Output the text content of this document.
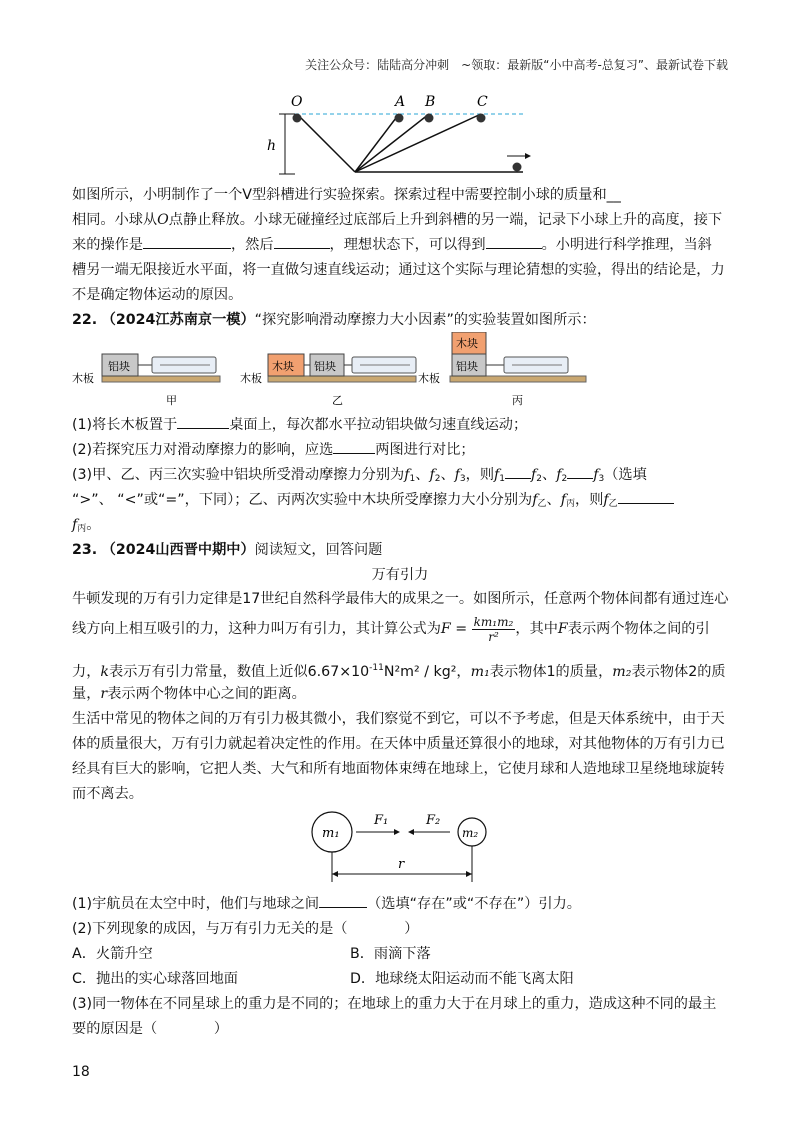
关注公众号：陆陆高分冲刺　~领取：最新版“小中高考-总复习”、最新试卷下载
O	A B	C
h
如图所示，小明制作了一个V型斜槽进行实验探索。探索过程中需要控制小球的质量和__
相同。小球从O点静止释放。小球无碰撞经过底部后上升到斜槽的另一端，记录下小球上升的高度，接下
来的操作是	，然后	，理想状态下，可以得到	。小明进行科学推理，当斜
槽另一端无限接近水平面，将一直做匀速直线运动；通过这个实际与理论猜想的实验，得出的结论是，力
不是确定物体运动的原因。
22. （2024江苏南京一模）“探究影响滑动摩擦力大小因素”的实验装置如图所示：
铝块
木板
甲
木块 铝块
木板
乙
木块
铝块
木板
丙
(1)将长木板置于	桌面上，每次都水平拉动铝块做匀速直线运动；
(2)若探究压力对滑动摩擦力的影响，应选	两图进行对比；
(3)甲、乙、丙三次实验中铝块所受滑动摩擦力分别为$f_1$、$f_2$、$f_3$，则$f_1$ $f_2$、$f_2$ $f_3$（选填
“>”、 “<”或“=”，下同）；乙、丙两次实验中木块所受摩擦力大小分别为$f_乙$、$f_丙$，则$f_乙$
$f_丙$。
23. （2024山西晋中期中）阅读短文，回答问题
万有引力
牛顿发现的万有引力定律是17世纪自然科学最伟大的成果之一。如图所示，任意两个物体间都有通过连心
线方向上相互吸引的力，这种力叫万有引力，其计算公式为$F = \frac{\text{km₁m₂}}{\text{r²}}$ ，其中F表示两个物体之间的引
力，k表示万有引力常量，数值上近似$6.67\times 10^{-11}N^2m^2 / kg^2$，m₁表示物体1的质量，m₂表示物体2的质
量，r表示两个物体中心之间的距离。
生活中常见的物体之间的万有引力极其微小，我们察觉不到它，可以不予考虑，但是天体系统中，由于天
体的质量很大，万有引力就起着决定性的作用。在天体中质量还算很小的地球，对其他物体的万有引力已
经具有巨大的影响，它把人类、大气和所有地面物体束缚在地球上，它使月球和人造地球卫星绕地球旋转
而不离去。
m₁	m₂
F₁	F₂
r
(1)宇航员在太空中时，他们与地球之间	（选填“存在”或“不存在”）引力。
(2)下列现象的成因，与万有引力无关的是（　　　　）
A．火箭升空	B．雨滴下落
C．抛出的实心球落回地面	D．地球绕太阳运动而不能飞离太阳
(3)同一物体在不同星球上的重力是不同的；在地球上的重力大于在月球上的重力，造成这种不同的最主
要的原因是（　　　　）
18
